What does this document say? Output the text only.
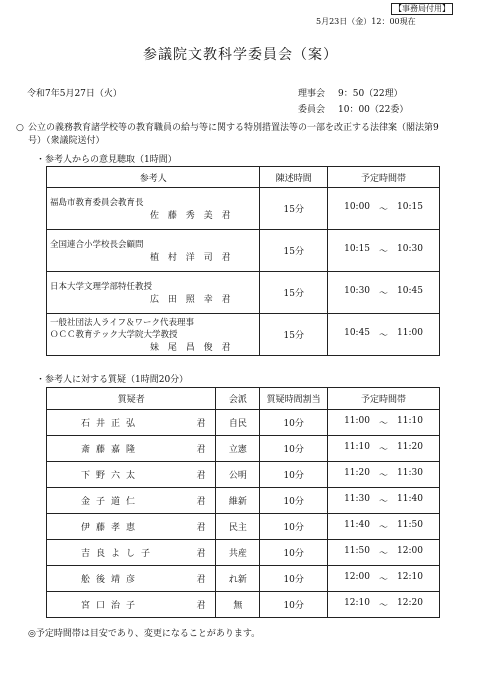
【事務局付用】
5月23日（金）12：00現在
参議院文教科学委員会（案）
令和7年5月27日（火）	理事会 9：50（22理）
委員会 10：00（22委）
○ 公立の義務教育諸学校等の教育職員の給与等に関する特別措置法等の一部を改正する法律案（閣法第9号）（衆議院送付）
・参考人からの意見聴取（1時間）
参考人	陳述時間	予定時間帯

福島市教育委員会教育長
佐 藤 秀 美 君	15分	10:00 ～ 10:15

全国連合小学校長会顧問
植 村 洋 司 君	15分	10:15 ～ 10:30

日本大学文理学部特任教授
広 田 照 幸 君	15分	10:30 ～ 10:45

一般社団法人ライフ＆ワーク代表理事
ＯＣＣ教育テック大学院大学教授
妹 尾 昌 俊 君	15分	10:45 ～ 11:00
・参考人に対する質疑（1時間20分）
質疑者	会派	質疑時間割当	予定時間帯
石井正弘 君	自民	10分	11:00 ～ 11:10

斎藤嘉隆 君	立憲	10分	11:10 ～ 11:20

下野六太 君	公明	10分	11:20 ～ 11:30

金子道仁 君	維新	10分	11:30 ～ 11:40

伊藤孝恵 君	民主	10分	11:40 ～ 11:50

吉良よし子 君	共産	10分	11:50 ～ 12:00

舩後靖彦 君	れ新	10分	12:00 ～ 12:10

宮口治子 君	無	10分	12:10 ～ 12:20
◎予定時間帯は目安であり、変更になることがあります。
